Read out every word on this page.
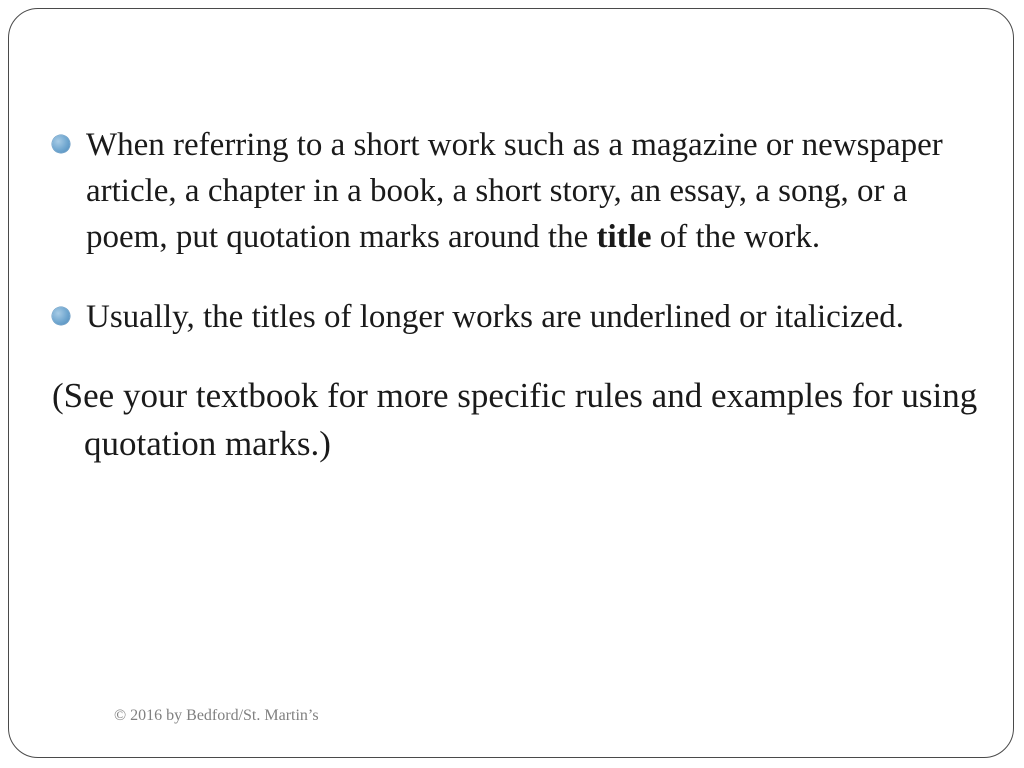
When referring to a short work such as a magazine or newspaper article, a chapter in a book, a short story, an essay, a song, or a poem, put quotation marks around the title of the work.

Usually, the titles of longer works are underlined or italicized.

(See your textbook for more specific rules and examples for using quotation marks.)

© 2016 by Bedford/St. Martin’s
